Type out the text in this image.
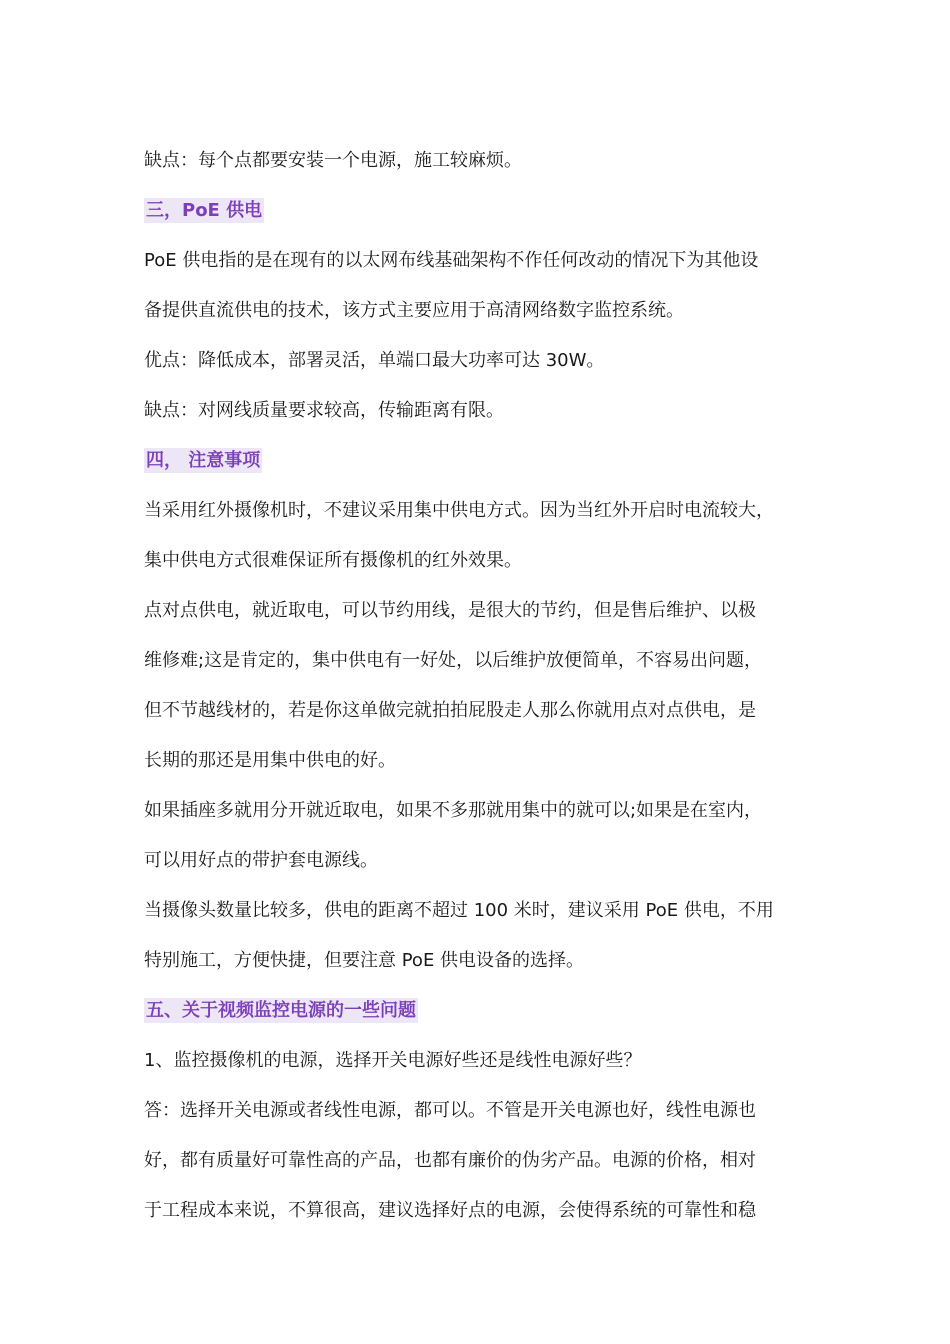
缺点：每个点都要安装一个电源，施工较麻烦。

三，PoE 供电

PoE 供电指的是在现有的以太网布线基础架构不作任何改动的情况下为其他设

备提供直流供电的技术，该方式主要应用于高清网络数字监控系统。

优点：降低成本，部署灵活，单端口最大功率可达 30W。

缺点：对网线质量要求较高，传输距离有限。

四， 注意事项

当采用红外摄像机时，不建议采用集中供电方式。因为当红外开启时电流较大，

集中供电方式很难保证所有摄像机的红外效果。

点对点供电，就近取电，可以节约用线，是很大的节约，但是售后维护、以极

维修难;这是肯定的，集中供电有一好处，以后维护放便简单，不容易出问题，

但不节越线材的，若是你这单做完就拍拍屁股走人那么你就用点对点供电，是

长期的那还是用集中供电的好。

如果插座多就用分开就近取电，如果不多那就用集中的就可以;如果是在室内，

可以用好点的带护套电源线。

当摄像头数量比较多，供电的距离不超过 100 米时，建议采用 PoE 供电，不用

特别施工，方便快捷，但要注意 PoE 供电设备的选择。

五、关于视频监控电源的一些问题

1、监控摄像机的电源，选择开关电源好些还是线性电源好些？

答：选择开关电源或者线性电源，都可以。不管是开关电源也好，线性电源也

好，都有质量好可靠性高的产品，也都有廉价的伪劣产品。电源的价格，相对

于工程成本来说，不算很高，建议选择好点的电源，会使得系统的可靠性和稳
